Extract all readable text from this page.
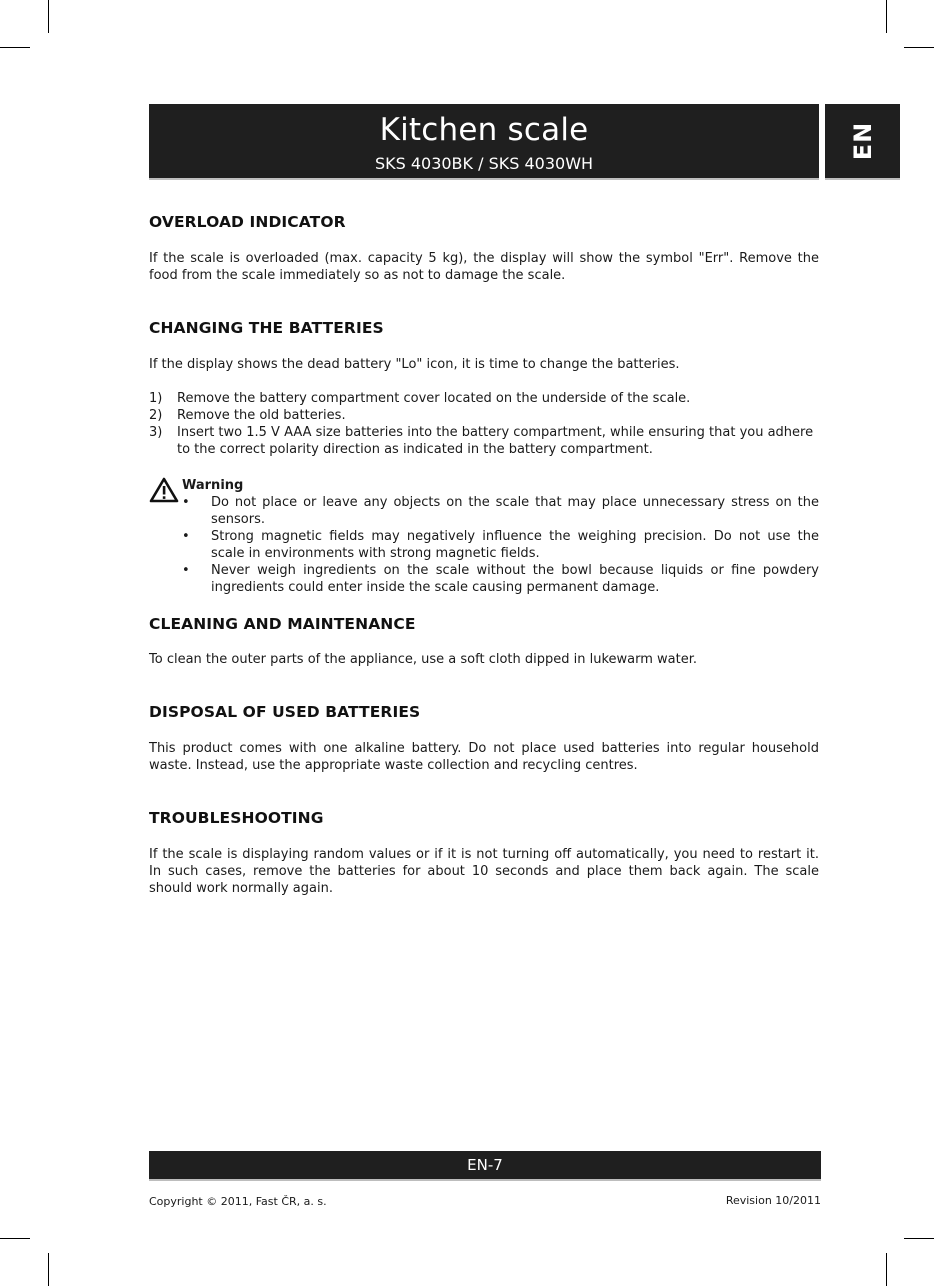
Kitchen scale
SKS 4030BK / SKS 4030WH
EN
OVERLOAD INDICATOR

If the scale is overloaded (max. capacity 5 kg), the display will show the symbol "Err". Remove the food from the scale immediately so as not to damage the scale.

CHANGING THE BATTERIES

If the display shows the dead battery "Lo" icon, it is time to change the batteries.

1) Remove the battery compartment cover located on the underside of the scale.
2) Remove the old batteries.
3) Insert two 1.5 V AAA size batteries into the battery compartment, while ensuring that you adhere to the correct polarity direction as indicated in the battery compartment.
Warning
• Do not place or leave any objects on the scale that may place unnecessary stress on the sensors.
• Strong magnetic fields may negatively influence the weighing precision. Do not use the scale in environments with strong magnetic fields.
• Never weigh ingredients on the scale without the bowl because liquids or fine powdery ingredients could enter inside the scale causing permanent damage.
CLEANING AND MAINTENANCE

To clean the outer parts of the appliance, use a soft cloth dipped in lukewarm water.

DISPOSAL OF USED BATTERIES

This product comes with one alkaline battery. Do not place used batteries into regular household waste. Instead, use the appropriate waste collection and recycling centres.

TROUBLESHOOTING

If the scale is displaying random values or if it is not turning off automatically, you need to restart it. In such cases, remove the batteries for about 10 seconds and place them back again. The scale should work normally again.

EN-7
Copyright © 2011, Fast ČR, a. s.	Revision 10/2011
